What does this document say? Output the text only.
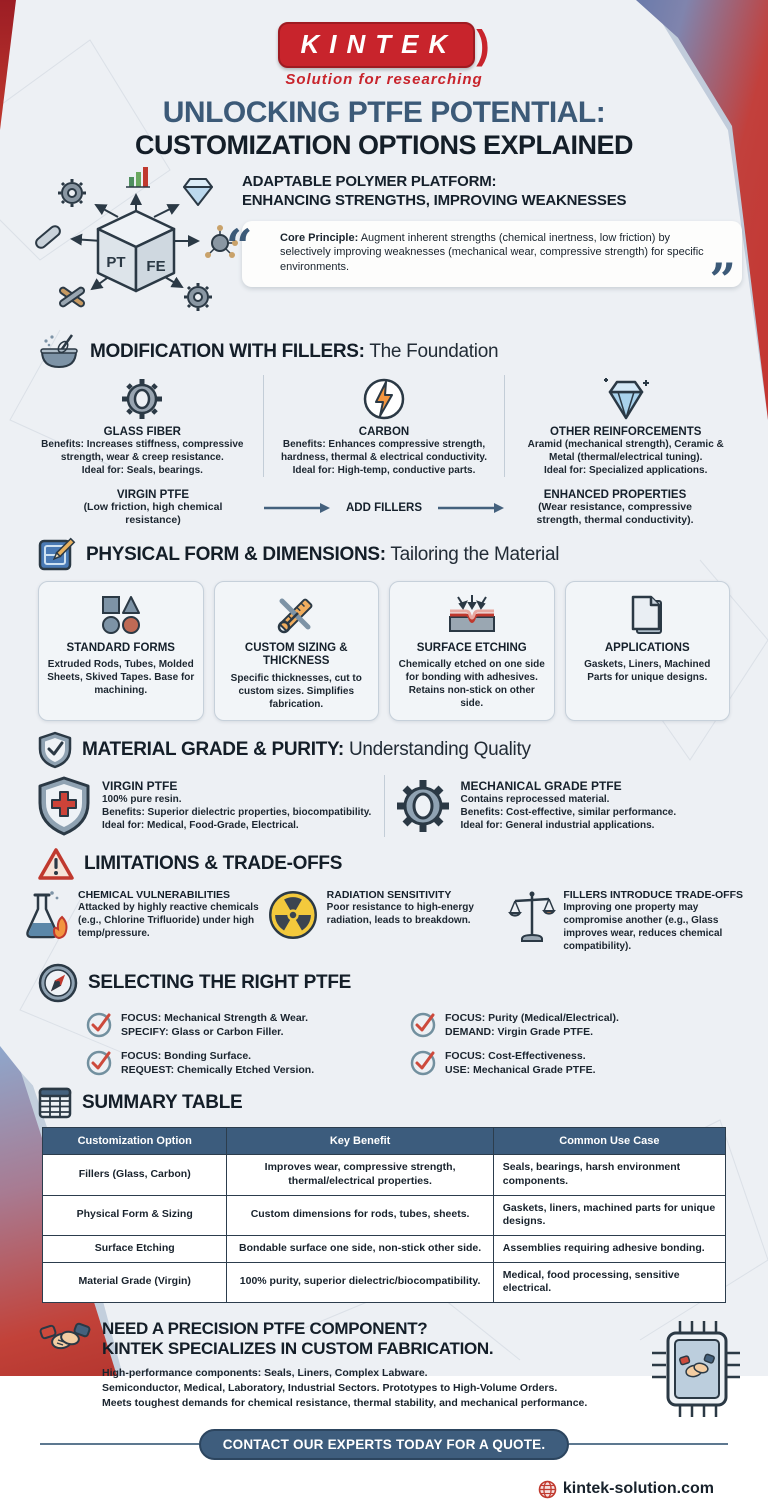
KINTEK )
Solution for researching
UNLOCKING PTFE POTENTIAL:
CUSTOMIZATION OPTIONS EXPLAINED
PT FE
ADAPTABLE POLYMER PLATFORM:
ENHANCING STRENGTHS, IMPROVING WEAKNESSES
“	Core Principle: Augment inherent strengths (chemical inertness, low friction) by selectively improving weaknesses (mechanical wear, compressive strength) for specific environments.	”
MODIFICATION WITH FILLERS: The Foundation
GLASS FIBER
Benefits: Increases stiffness, compressive strength, wear & creep resistance.
Ideal for: Seals, bearings.
CARBON
Benefits: Enhances compressive strength, hardness, thermal & electrical conductivity.
Ideal for: High-temp, conductive parts.
OTHER REINFORCEMENTS
Aramid (mechanical strength), Ceramic & Metal (thermal/electrical tuning).
Ideal for: Specialized applications.
VIRGIN PTFE
(Low friction, high chemical resistance)
ADD FILLERS
ENHANCED PROPERTIES
(Wear resistance, compressive strength, thermal conductivity).
PHYSICAL FORM & DIMENSIONS: Tailoring the Material
STANDARD FORMS
Extruded Rods, Tubes, Molded Sheets, Skived Tapes. Base for machining.
CUSTOM SIZING & THICKNESS
Specific thicknesses, cut to custom sizes. Simplifies fabrication.
SURFACE ETCHING
Chemically etched on one side for bonding with adhesives. Retains non-stick on other side.
APPLICATIONS
Gaskets, Liners, Machined Parts for unique designs.
MATERIAL GRADE & PURITY: Understanding Quality
VIRGIN PTFE
100% pure resin.
Benefits: Superior dielectric properties, biocompatibility.
Ideal for: Medical, Food-Grade, Electrical.
MECHANICAL GRADE PTFE
Contains reprocessed material.
Benefits: Cost-effective, similar performance.
Ideal for: General industrial applications.
LIMITATIONS & TRADE-OFFS
CHEMICAL VULNERABILITIES
Attacked by highly reactive chemicals (e.g., Chlorine Trifluoride) under high temp/pressure.
RADIATION SENSITIVITY
Poor resistance to high-energy radiation, leads to breakdown.
FILLERS INTRODUCE TRADE-OFFS
Improving one property may compromise another (e.g., Glass improves wear, reduces chemical compatibility).
SELECTING THE RIGHT PTFE
FOCUS: Mechanical Strength & Wear.
SPECIFY: Glass or Carbon Filler.
FOCUS: Purity (Medical/Electrical).
DEMAND: Virgin Grade PTFE.
FOCUS: Bonding Surface.
REQUEST: Chemically Etched Version.
FOCUS: Cost-Effectiveness.
USE: Mechanical Grade PTFE.
SUMMARY TABLE
Customization Option	Key Benefit	Common Use Case
Fillers (Glass, Carbon)	Improves wear, compressive strength, thermal/electrical properties.	Seals, bearings, harsh environment components.
Physical Form & Sizing	Custom dimensions for rods, tubes, sheets.	Gaskets, liners, machined parts for unique designs.
Surface Etching	Bondable surface one side, non-stick other side.	Assemblies requiring adhesive bonding.
Material Grade (Virgin)	100% purity, superior dielectric/biocompatibility.	Medical, food processing, sensitive electrical.
NEED A PRECISION PTFE COMPONENT?
KINTEK SPECIALIZES IN CUSTOM FABRICATION.
High-performance components: Seals, Liners, Complex Labware.
Semiconductor, Medical, Laboratory, Industrial Sectors. Prototypes to High-Volume Orders.
Meets toughest demands for chemical resistance, thermal stability, and mechanical performance.
CONTACT OUR EXPERTS TODAY FOR A QUOTE.
kintek-solution.com
